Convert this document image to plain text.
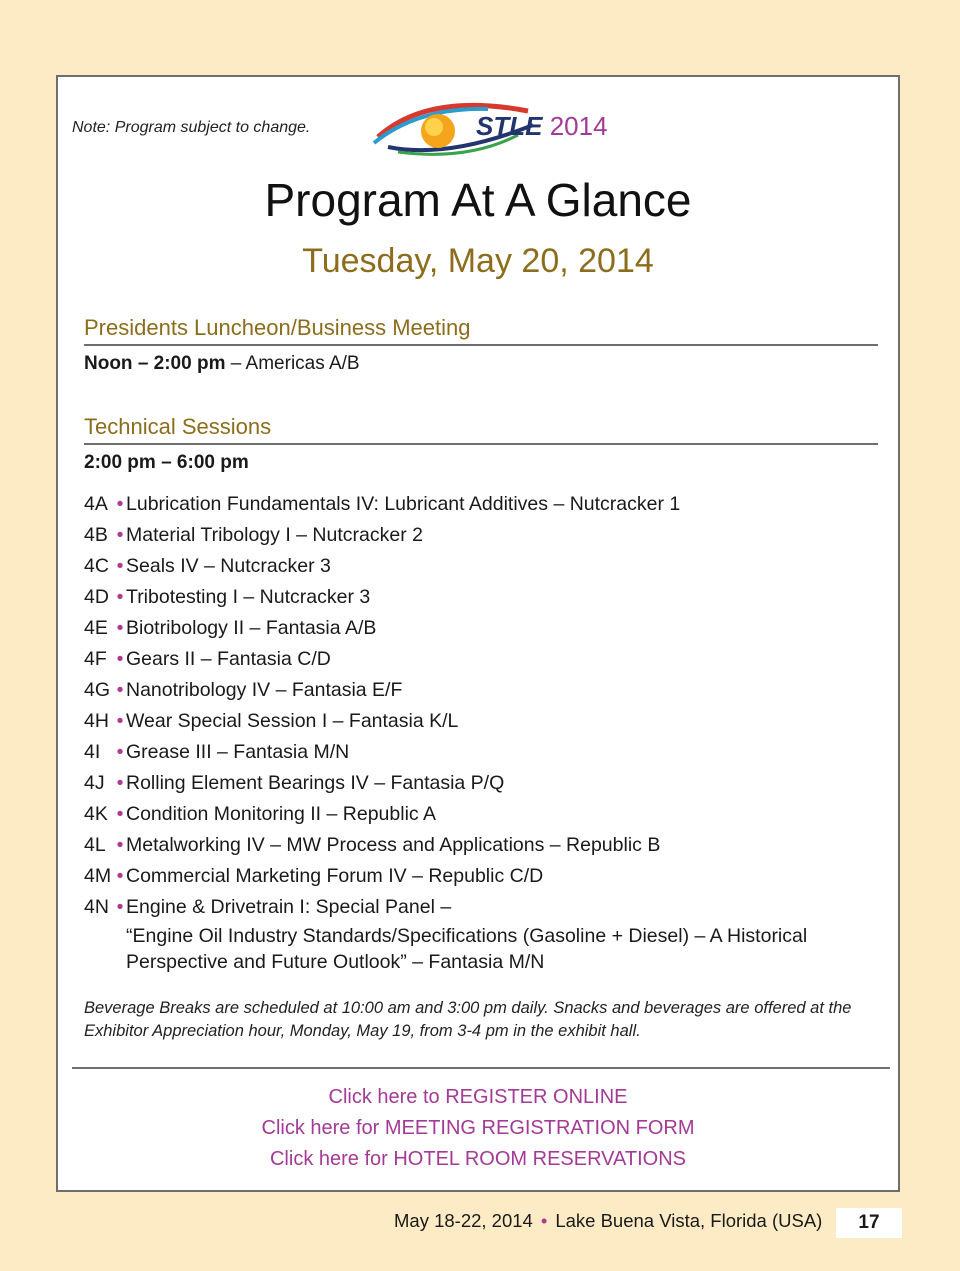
Note: Program subject to change.	STLE 2014
Program At A Glance
Tuesday, May 20, 2014
Presidents Luncheon/Business Meeting
Noon – 2:00 pm – Americas A/B
Technical Sessions
2:00 pm – 6:00 pm
4A • Lubrication Fundamentals IV: Lubricant Additives – Nutcracker 1
4B • Material Tribology I – Nutcracker 2
4C • Seals IV – Nutcracker 3
4D • Tribotesting I – Nutcracker 3
4E • Biotribology II – Fantasia A/B
4F • Gears II – Fantasia C/D
4G • Nanotribology IV – Fantasia E/F
4H • Wear Special Session I – Fantasia K/L
4I • Grease III – Fantasia M/N
4J • Rolling Element Bearings IV – Fantasia P/Q
4K • Condition Monitoring II – Republic A
4L • Metalworking IV – MW Process and Applications – Republic B
4M • Commercial Marketing Forum IV – Republic C/D
4N • Engine & Drivetrain I: Special Panel –
“Engine Oil Industry Standards/Specifications (Gasoline + Diesel) – A Historical
Perspective and Future Outlook” – Fantasia M/N
Beverage Breaks are scheduled at 10:00 am and 3:00 pm daily. Snacks and beverages are offered at the
Exhibitor Appreciation hour, Monday, May 19, from 3-4 pm in the exhibit hall.
Click here to REGISTER ONLINE
Click here for MEETING REGISTRATION FORM
Click here for HOTEL ROOM RESERVATIONS
May 18-22, 2014 • Lake Buena Vista, Florida (USA)	17
